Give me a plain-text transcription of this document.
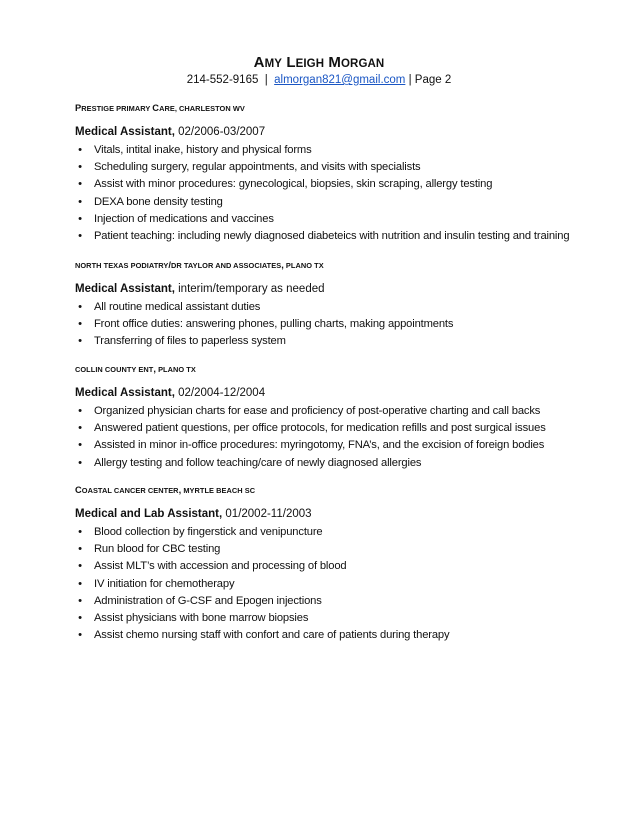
AMY LEIGH MORGAN
214-552-9165 | almorgan821@gmail.com | Page 2
PRESTIGE PRIMARY CARE, CHARLESTON WV
Medical Assistant, 02/2006-03/2007
• Vitals, intital inake, history and physical forms
• Scheduling surgery, regular appointments, and visits with specialists
• Assist with minor procedures: gynecological, biopsies, skin scraping, allergy testing
• DEXA bone density testing
• Injection of medications and vaccines
• Patient teaching: including newly diagnosed diabeteics with nutrition and insulin testing and training
NORTH TEXAS PODIATRY/DR TAYLOR AND ASSOCIATES, PLANO TX
Medical Assistant, interim/temporary as needed
• All routine medical assistant duties
• Front office duties: answering phones, pulling charts, making appointments
• Transferring of files to paperless system
COLLIN COUNTY ENT, PLANO TX
Medical Assistant, 02/2004-12/2004
• Organized physician charts for ease and proficiency of post-operative charting and call backs
• Answered patient questions, per office protocols, for medication refills and post surgical issues
• Assisted in minor in-office procedures: myringotomy, FNA’s, and the excision of foreign bodies
• Allergy testing and follow teaching/care of newly diagnosed allergies
COASTAL CANCER CENTER, MYRTLE BEACH SC
Medical and Lab Assistant, 01/2002-11/2003
• Blood collection by fingerstick and venipuncture
• Run blood for CBC testing
• Assist MLT’s with accession and processing of blood
• IV initiation for chemotherapy
• Administration of G-CSF and Epogen injections
• Assist physicians with bone marrow biopsies
• Assist chemo nursing staff with confort and care of patients during therapy
